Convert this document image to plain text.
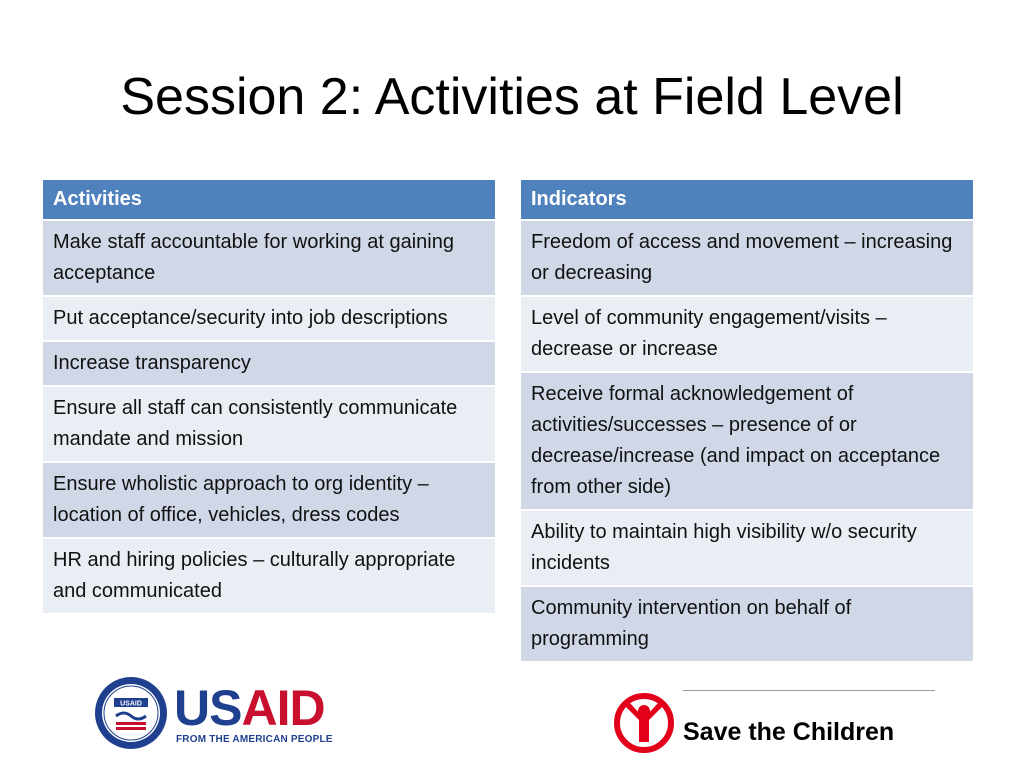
Session 2: Activities at Field Level
Activities
Make staff accountable for working at gaining acceptance
Put acceptance/security into job descriptions
Increase transparency
Ensure all staff can consistently communicate mandate and mission
Ensure wholistic approach to org identity – location of office, vehicles, dress codes
HR and hiring policies – culturally appropriate and communicated
Indicators
Freedom of access and movement – increasing or decreasing
Level of community engagement/visits – decrease or increase
Receive formal acknowledgement of activities/successes – presence of or decrease/increase (and impact on acceptance from other side)
Ability to maintain high visibility w/o security incidents
Community intervention on behalf of programming
USAID USAID
FROM THE AMERICAN PEOPLE	Save the Children
